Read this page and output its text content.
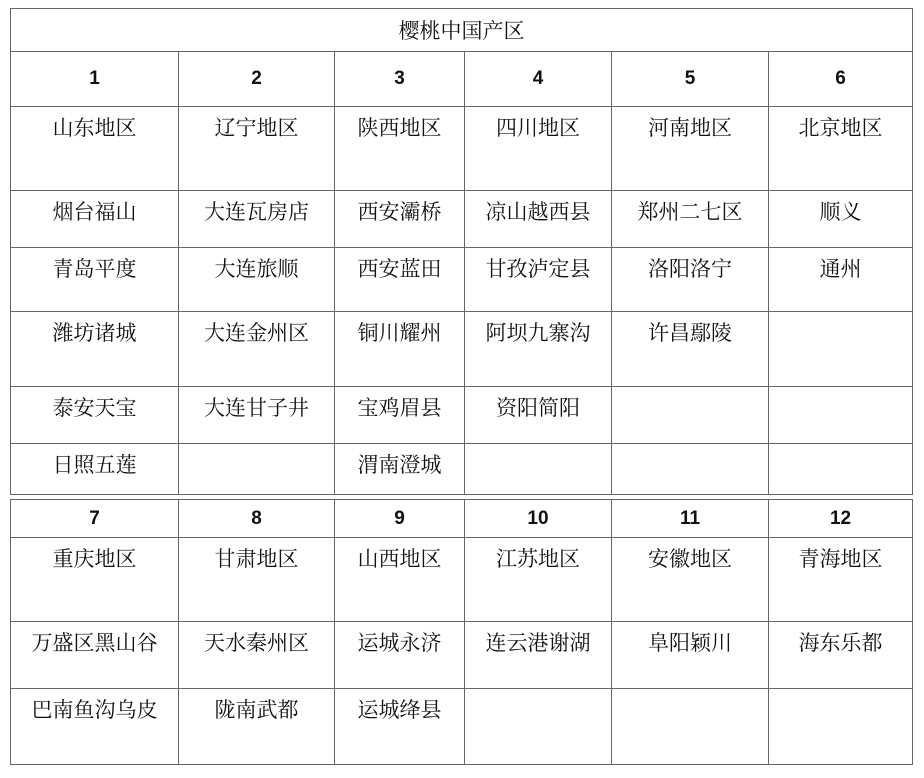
樱桃中国产区					
1	2	3	4	5	6
山东地区	辽宁地区	陕西地区	四川地区	河南地区	北京地区
烟台福山	大连瓦房店	西安灞桥	凉山越西县	郑州二七区	顺义
青岛平度	大连旅顺	西安蓝田	甘孜泸定县	洛阳洛宁	通州
潍坊诸城	大连金州区	铜川耀州	阿坝九寨沟	许昌鄢陵	
泰安天宝	大连甘子井	宝鸡眉县	资阳简阳		
日照五莲		渭南澄城			

7	8	9	10	11	12
重庆地区	甘肃地区	山西地区	江苏地区	安徽地区	青海地区
万盛区黑山谷	天水秦州区	运城永济	连云港谢湖	阜阳颖川	海东乐都
巴南鱼沟乌皮	陇南武都	运城绛县			
